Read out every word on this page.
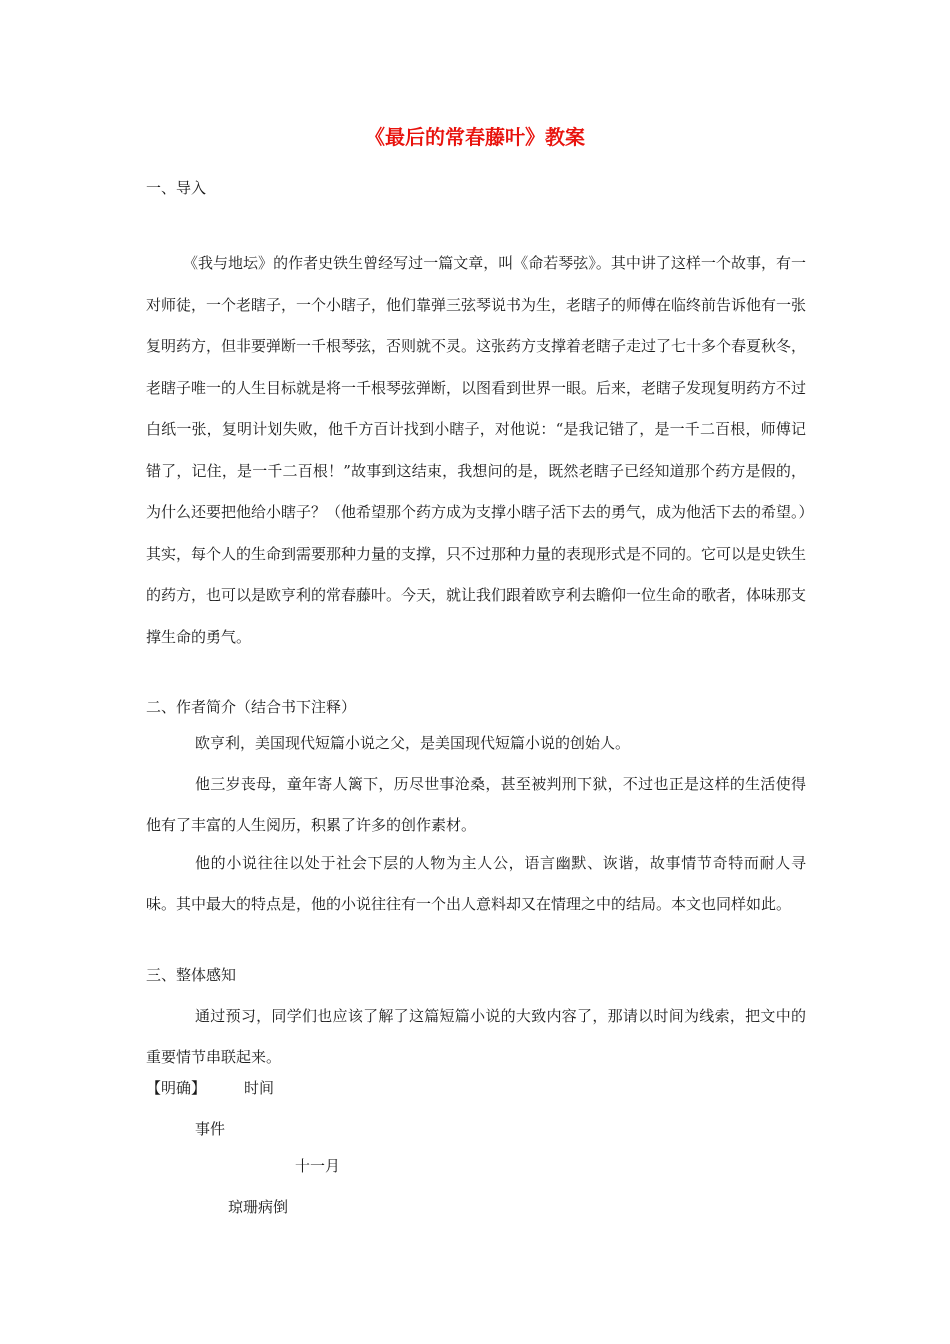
《最后的常春藤叶》教案
一、导入

《我与地坛》的作者史铁生曾经写过一篇文章，叫《命若琴弦》。其中讲了这样一个故事，有一对师徒，一个老瞎子，一个小瞎子，他们靠弹三弦琴说书为生，老瞎子的师傅在临终前告诉他有一张复明药方，但非要弹断一千根琴弦，否则就不灵。这张药方支撑着老瞎子走过了七十多个春夏秋冬，老瞎子唯一的人生目标就是将一千根琴弦弹断，以图看到世界一眼。后来，老瞎子发现复明药方不过白纸一张，复明计划失败，他千方百计找到小瞎子，对他说：“是我记错了，是一千二百根，师傅记错了，记住，是一千二百根！”故事到这结束，我想问的是，既然老瞎子已经知道那个药方是假的，为什么还要把他给小瞎子？（他希望那个药方成为支撑小瞎子活下去的勇气，成为他活下去的希望。）其实，每个人的生命到需要那种力量的支撑，只不过那种力量的表现形式是不同的。它可以是史铁生的药方，也可以是欧亨利的常春藤叶。今天，就让我们跟着欧亨利去瞻仰一位生命的歌者，体味那支撑生命的勇气。

二、作者简介（结合书下注释）
欧亨利，美国现代短篇小说之父，是美国现代短篇小说的创始人。

他三岁丧母，童年寄人篱下，历尽世事沧桑，甚至被判刑下狱，不过也正是这样的生活使得他有了丰富的人生阅历，积累了许多的创作素材。

他的小说往往以处于社会下层的人物为主人公，语言幽默、诙谐，故事情节奇特而耐人寻味。其中最大的特点是，他的小说往往有一个出人意料却又在情理之中的结局。本文也同样如此。

三、整体感知

通过预习，同学们也应该了解了这篇短篇小说的大致内容了，那请以时间为线索，把文中的重要情节串联起来。

【明确】	时间
事件
十一月
琼珊病倒
